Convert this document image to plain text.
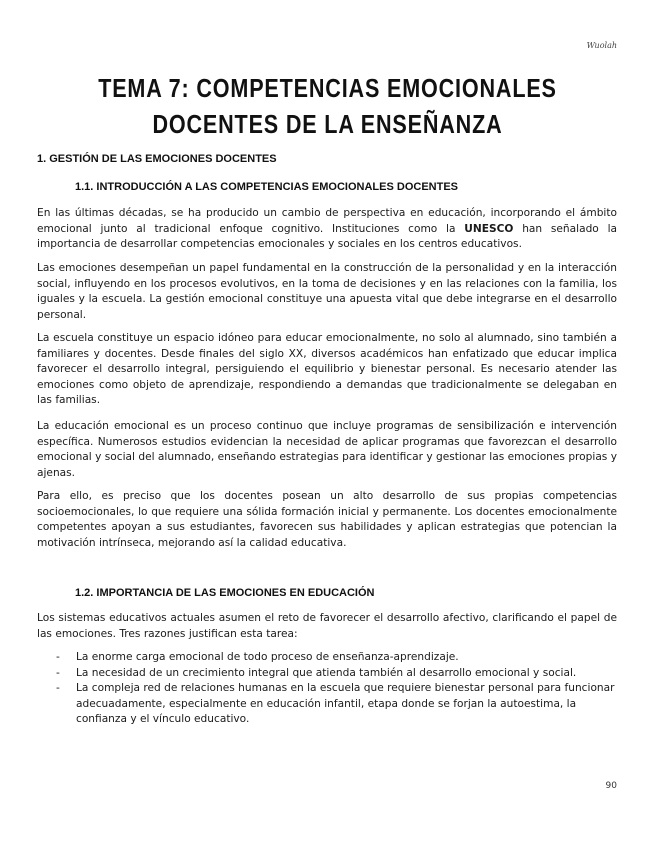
Wuolah
TEMA 7: COMPETENCIAS EMOCIONALES DOCENTES DE LA ENSEÑANZA
1. GESTIÓN DE LAS EMOCIONES DOCENTES
1.1. INTRODUCCIÓN A LAS COMPETENCIAS EMOCIONALES DOCENTES

En las últimas décadas, se ha producido un cambio de perspectiva en educación, incorporando el ámbito emocional junto al tradicional enfoque cognitivo. Instituciones como la UNESCO han señalado la importancia de desarrollar competencias emocionales y sociales en los centros educativos.

Las emociones desempeñan un papel fundamental en la construcción de la personalidad y en la interacción social, influyendo en los procesos evolutivos, en la toma de decisiones y en las relaciones con la familia, los iguales y la escuela. La gestión emocional constituye una apuesta vital que debe integrarse en el desarrollo personal.

La escuela constituye un espacio idóneo para educar emocionalmente, no solo al alumnado, sino también a familiares y docentes. Desde finales del siglo XX, diversos académicos han enfatizado que educar implica favorecer el desarrollo integral, persiguiendo el equilibrio y bienestar personal. Es necesario atender las emociones como objeto de aprendizaje, respondiendo a demandas que tradicionalmente se delegaban en las familias.

La educación emocional es un proceso continuo que incluye programas de sensibilización e intervención específica. Numerosos estudios evidencian la necesidad de aplicar programas que favorezcan el desarrollo emocional y social del alumnado, enseñando estrategias para identificar y gestionar las emociones propias y ajenas.

Para ello, es preciso que los docentes posean un alto desarrollo de sus propias competencias socioemocionales, lo que requiere una sólida formación inicial y permanente. Los docentes emocionalmente competentes apoyan a sus estudiantes, favorecen sus habilidades y aplican estrategias que potencian la motivación intrínseca, mejorando así la calidad educativa.

1.2. IMPORTANCIA DE LAS EMOCIONES EN EDUCACIÓN

Los sistemas educativos actuales asumen el reto de favorecer el desarrollo afectivo, clarificando el papel de las emociones. Tres razones justifican esta tarea:

- La enorme carga emocional de todo proceso de enseñanza-aprendizaje.
- La necesidad de un crecimiento integral que atienda también al desarrollo emocional y social.
- La compleja red de relaciones humanas en la escuela que requiere bienestar personal para funcionar adecuadamente, especialmente en educación infantil, etapa donde se forjan la autoestima, la confianza y el vínculo educativo.
90
